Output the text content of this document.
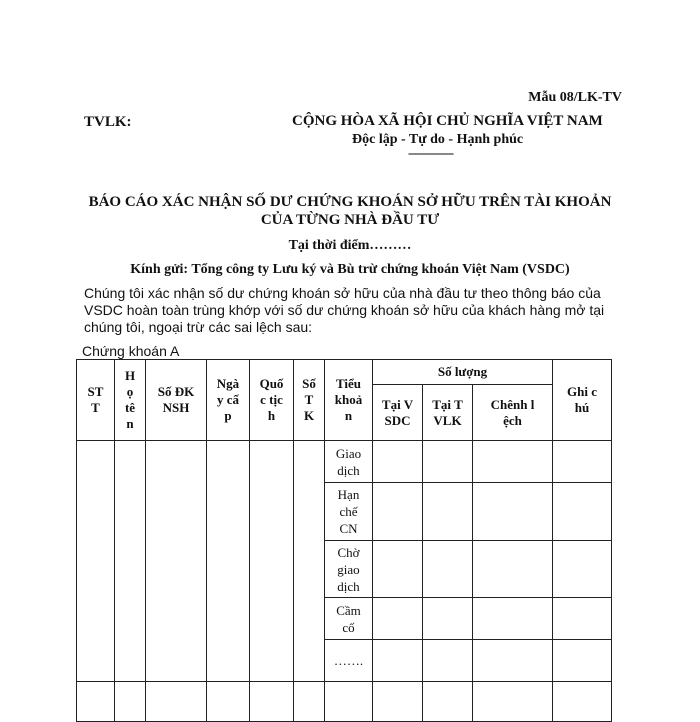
Mẫu 08/LK-TV
TVLK:	CỘNG HÒA XÃ HỘI CHỦ NGHĨA VIỆT NAM
Độc lập - Tự do - Hạnh phúc
---------------
BÁO CÁO XÁC NHẬN SỐ DƯ CHỨNG KHOÁN SỞ HỮU TRÊN TÀI KHOẢN
CỦA TỪNG NHÀ ĐẦU TƯ
Tại thời điểm………
Kính gửi: Tổng công ty Lưu ký và Bù trừ chứng khoán Việt Nam (VSDC)
Chúng tôi xác nhận số dư chứng khoán sở hữu của nhà đầu tư theo thông báo của VSDC hoàn toàn trùng khớp với số dư chứng khoán sở hữu của khách hàng mở tại chúng tôi, ngoại trừ các sai lệch sau:
Chứng khoán A
STT	Họ tên	Số ĐKNSH	Ngày cấp	Quốc tịch	Số TK	Tiểu khoản	Số lượng			Ghi chú
							Tại VSDC	Tại TVLK	Chênh lệch	
						Giao dịch				
						Hạn chế CN				
						Chờ giao dịch				
						Cầm cố				
						…….				
